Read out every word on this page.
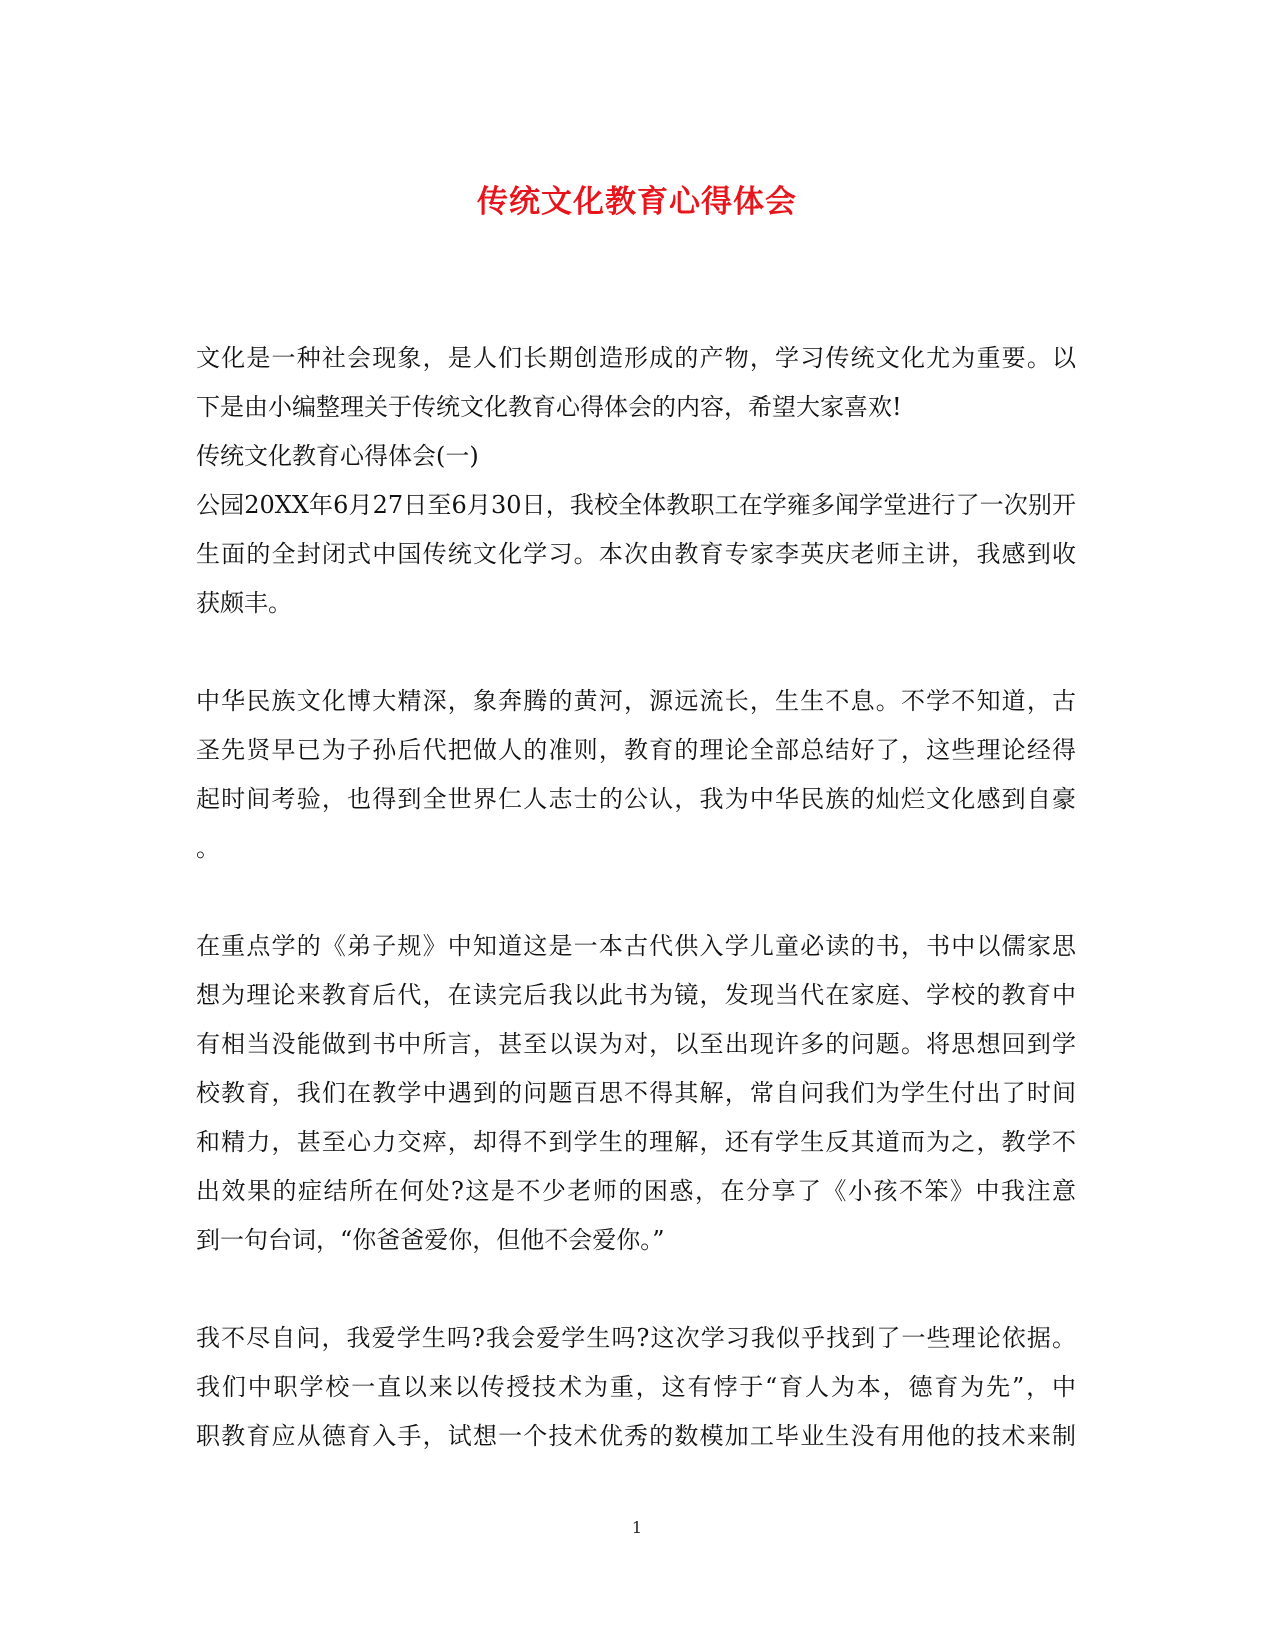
传统文化教育心得体会
文化是一种社会现象，是人们长期创造形成的产物，学习传统文化尤为重要。以
下是由小编整理关于传统文化教育心得体会的内容，希望大家喜欢!
传统文化教育心得体会(一)
公园20XX年6月27日至6月30日，我校全体教职工在学雍多闻学堂进行了一次别开
生面的全封闭式中国传统文化学习。本次由教育专家李英庆老师主讲，我感到收
获颇丰。
中华民族文化博大精深，象奔腾的黄河，源远流长，生生不息。不学不知道，古
圣先贤早已为子孙后代把做人的准则，教育的理论全部总结好了，这些理论经得
起时间考验，也得到全世界仁人志士的公认，我为中华民族的灿烂文化感到自豪
。
在重点学的《弟子规》中知道这是一本古代供入学儿童必读的书，书中以儒家思
想为理论来教育后代，在读完后我以此书为镜，发现当代在家庭、学校的教育中
有相当没能做到书中所言，甚至以误为对，以至出现许多的问题。将思想回到学
校教育，我们在教学中遇到的问题百思不得其解，常自问我们为学生付出了时间
和精力，甚至心力交瘁，却得不到学生的理解，还有学生反其道而为之，教学不
出效果的症结所在何处?这是不少老师的困惑，在分享了《小孩不笨》中我注意
到一句台词，“你爸爸爱你，但他不会爱你。”
我不尽自问，我爱学生吗?我会爱学生吗?这次学习我似乎找到了一些理论依据。
我们中职学校一直以来以传授技术为重，这有悖于“育人为本，德育为先”，中
职教育应从德育入手，试想一个技术优秀的数模加工毕业生没有用他的技术来制
1
